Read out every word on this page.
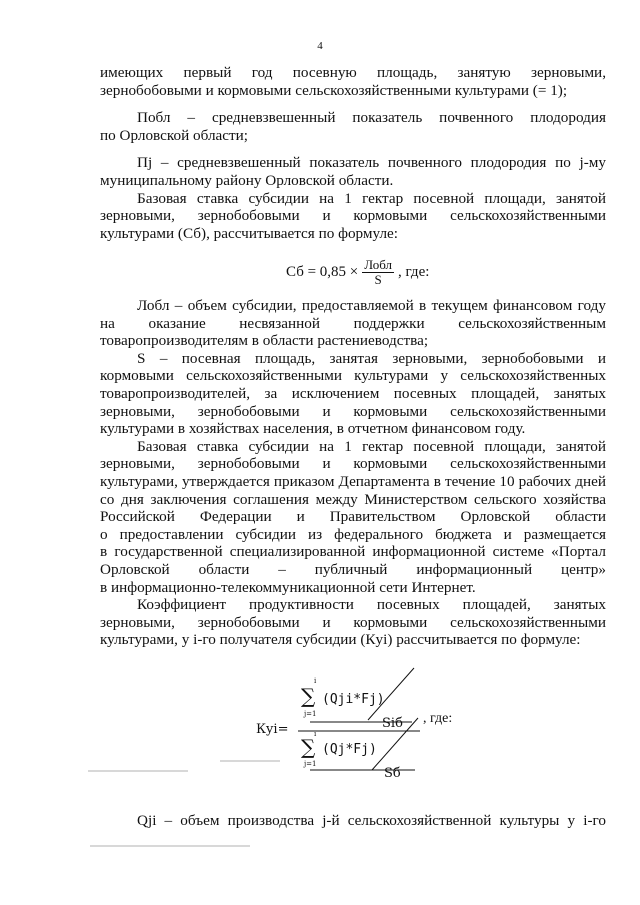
4

имеющих первый год посевную площадь, занятую зерновыми,

зернобобовыми и кормовыми сельскохозяйственными культурами (= 1);

Побл – средневзвешенный показатель почвенного плодородия

по Орловской области;

Пj – средневзвешенный показатель почвенного плодородия по j-му

муниципальному району Орловской области.

Базовая ставка субсидии на 1 гектар посевной площади, занятой

зерновыми, зернобобовыми и кормовыми сельскохозяйственными

культурами (Сб), рассчитывается по формуле:

Сб = $0,85 \times \frac{\text{Лобл}}{S}$ , где:

Лобл – объем субсидии, предоставляемой в текущем финансовом году

на оказание несвязанной поддержки сельскохозяйственным

товаропроизводителям в области растениеводства;

S – посевная площадь, занятая зерновыми, зернобобовыми и

кормовыми сельскохозяйственными культурами у сельскохозяйственных

товаропроизводителей, за исключением посевных площадей, занятых

зерновыми, зернобобовыми и кормовыми сельскохозяйственными

культурами в хозяйствах населения, в отчетном финансовом году.

Базовая ставка субсидии на 1 гектар посевной площади, занятой

зерновыми, зернобобовыми и кормовыми сельскохозяйственными

культурами, утверждается приказом Департамента в течение 10 рабочих дней

со дня заключения соглашения между Министерством сельского хозяйства

Российской Федерации и Правительством Орловской области

о предоставлении субсидии из федерального бюджета и размещается

в государственной специализированной информационной системе «Портал

Орловской области – публичный информационный центр»

в информационно-телекоммуникационной сети Интернет.

Коэффициент продуктивности посевных площадей, занятых

зерновыми, зернобобовыми и кормовыми сельскохозяйственными

культурами, у i-го получателя субсидии (Кyi) рассчитывается по формуле:

Кyi=
i
∑
j=1
(Qji*Fj)
Siб
i
∑
j=1
(Qj*Fj)
Sб
, где:

Qji – объем производства j-й сельскохозяйственной культуры у i-го
